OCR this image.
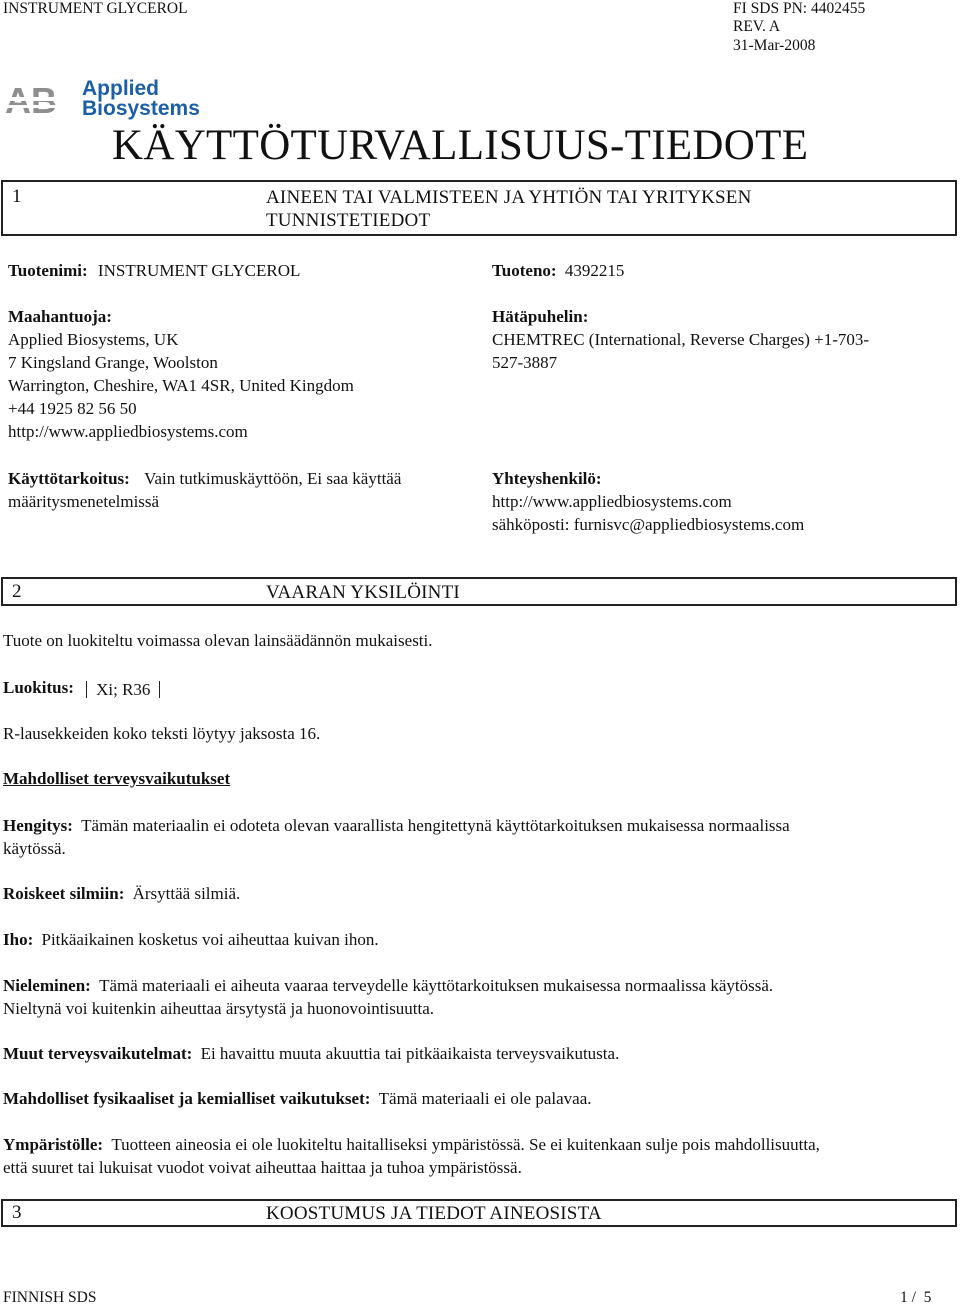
INSTRUMENT GLYCEROL	FI SDS PN: 4402455
REV. A
31-Mar-2008
Applied
Biosystems
KÄYTTÖTURVALLISUUS-TIEDOTE
1	AINEEN TAI VALMISTEEN JA YHTIÖN TAI YRITYKSEN
TUNNISTETIEDOT
Tuotenimi: INSTRUMENT GLYCEROL	Tuoteno: 4392215
Maahantuoja:
Applied Biosystems, UK
7 Kingsland Grange, Woolston
Warrington, Cheshire, WA1 4SR, United Kingdom
+44 1925 82 56 50
http://www.appliedbiosystems.com
Hätäpuhelin:
CHEMTREC (International, Reverse Charges) +1-703-
527-3887
Käyttötarkoitus: Vain tutkimuskäyttöön, Ei saa käyttää
määritysmenetelmissä
Yhteyshenkilö:
http://www.appliedbiosystems.com
sähköposti: furnisvc@appliedbiosystems.com
2	VAARAN YKSILÖINTI
Tuote on luokiteltu voimassa olevan lainsäädännön mukaisesti.
Luokitus: Xi; R36
R-lausekkeiden koko teksti löytyy jaksosta 16.
Mahdolliset terveysvaikutukset
Hengitys: Tämän materiaalin ei odoteta olevan vaarallista hengitettynä käyttötarkoituksen mukaisessa normaalissa
käytössä.
Roiskeet silmiin: Ärsyttää silmiä.
Iho: Pitkäaikainen kosketus voi aiheuttaa kuivan ihon.
Nieleminen: Tämä materiaali ei aiheuta vaaraa terveydelle käyttötarkoituksen mukaisessa normaalissa käytössä.
Nieltynä voi kuitenkin aiheuttaa ärsytystä ja huonovointisuutta.
Muut terveysvaikutelmat: Ei havaittu muuta akuuttia tai pitkäaikaista terveysvaikutusta.
Mahdolliset fysikaaliset ja kemialliset vaikutukset: Tämä materiaali ei ole palavaa.
Ympäristölle: Tuotteen aineosia ei ole luokiteltu haitalliseksi ympäristössä. Se ei kuitenkaan sulje pois mahdollisuutta,
että suuret tai lukuisat vuodot voivat aiheuttaa haittaa ja tuhoa ympäristössä.
3	KOOSTUMUS JA TIEDOT AINEOSISTA
FINNISH SDS	1 /  5
